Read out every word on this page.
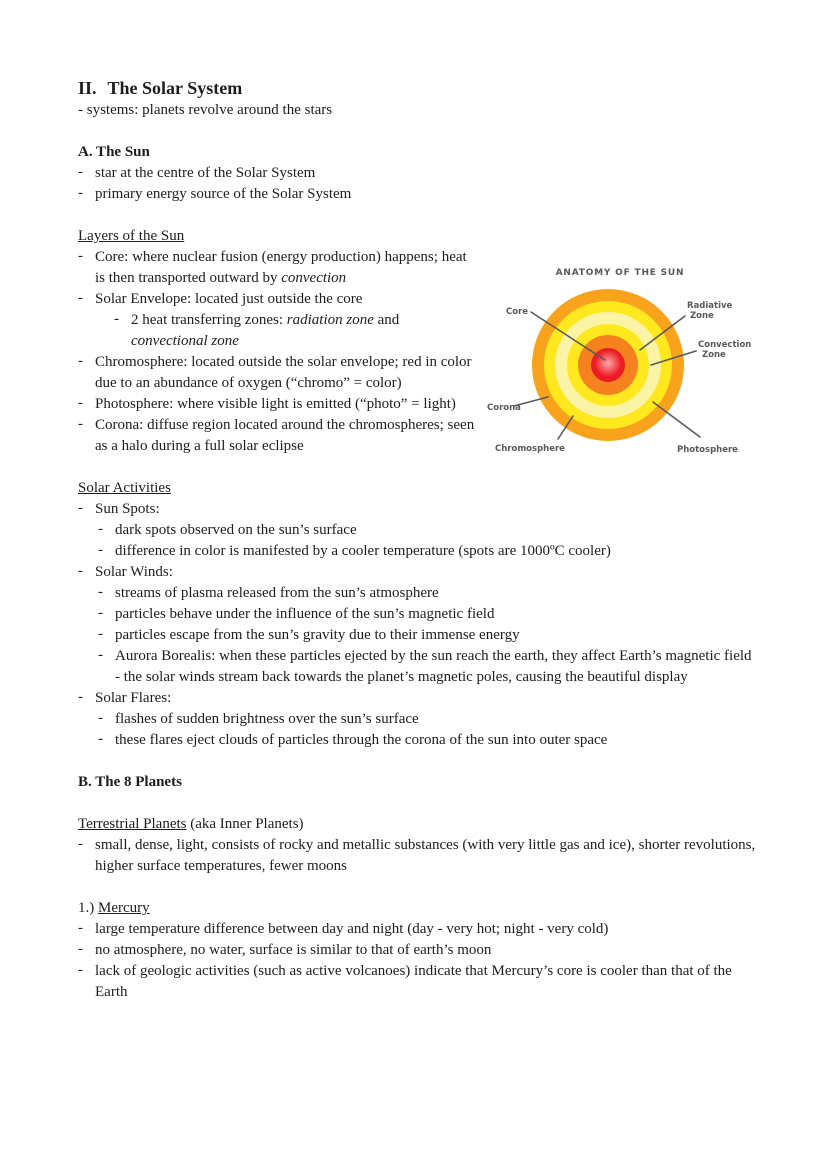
II. The Solar System
- systems: planets revolve around the stars
A. The Sun
- star at the centre of the Solar System
- primary energy source of the Solar System
Layers of the Sun
- Core: where nuclear fusion (energy production) happens; heat is then transported outward by convection
- Solar Envelope: located just outside the core
- 2 heat transferring zones: radiation zone and convectional zone
- Chromosphere: located outside the solar envelope; red in color due to an abundance of oxygen (“chromo” = color)
- Photosphere: where visible light is emitted (“photo” = light)
- Corona: diffuse region located around the chromospheres; seen as a halo during a full solar eclipse
ANATOMY OF THE SUN
Core
Radiative
Zone
Convection
Zone
Corona
Chromosphere	Photosphere
Solar Activities
- Sun Spots:
- dark spots observed on the sun’s surface
- difference in color is manifested by a cooler temperature (spots are 1000ºC cooler)
- Solar Winds:
- streams of plasma released from the sun’s atmosphere
- particles behave under the influence of the sun’s magnetic field
- particles escape from the sun’s gravity due to their immense energy
- Aurora Borealis: when these particles ejected by the sun reach the earth, they affect Earth’s magnetic field - the solar winds stream back towards the planet’s magnetic poles, causing the beautiful display
- Solar Flares:
- flashes of sudden brightness over the sun’s surface
- these flares eject clouds of particles through the corona of the sun into outer space
B. The 8 Planets
Terrestrial Planets (aka Inner Planets)
- small, dense, light, consists of rocky and metallic substances (with very little gas and ice), shorter revolutions, higher surface temperatures, fewer moons
1.) Mercury
- large temperature difference between day and night (day - very hot; night - very cold)
- no atmosphere, no water, surface is similar to that of earth’s moon
- lack of geologic activities (such as active volcanoes) indicate that Mercury’s core is cooler than that of the Earth
